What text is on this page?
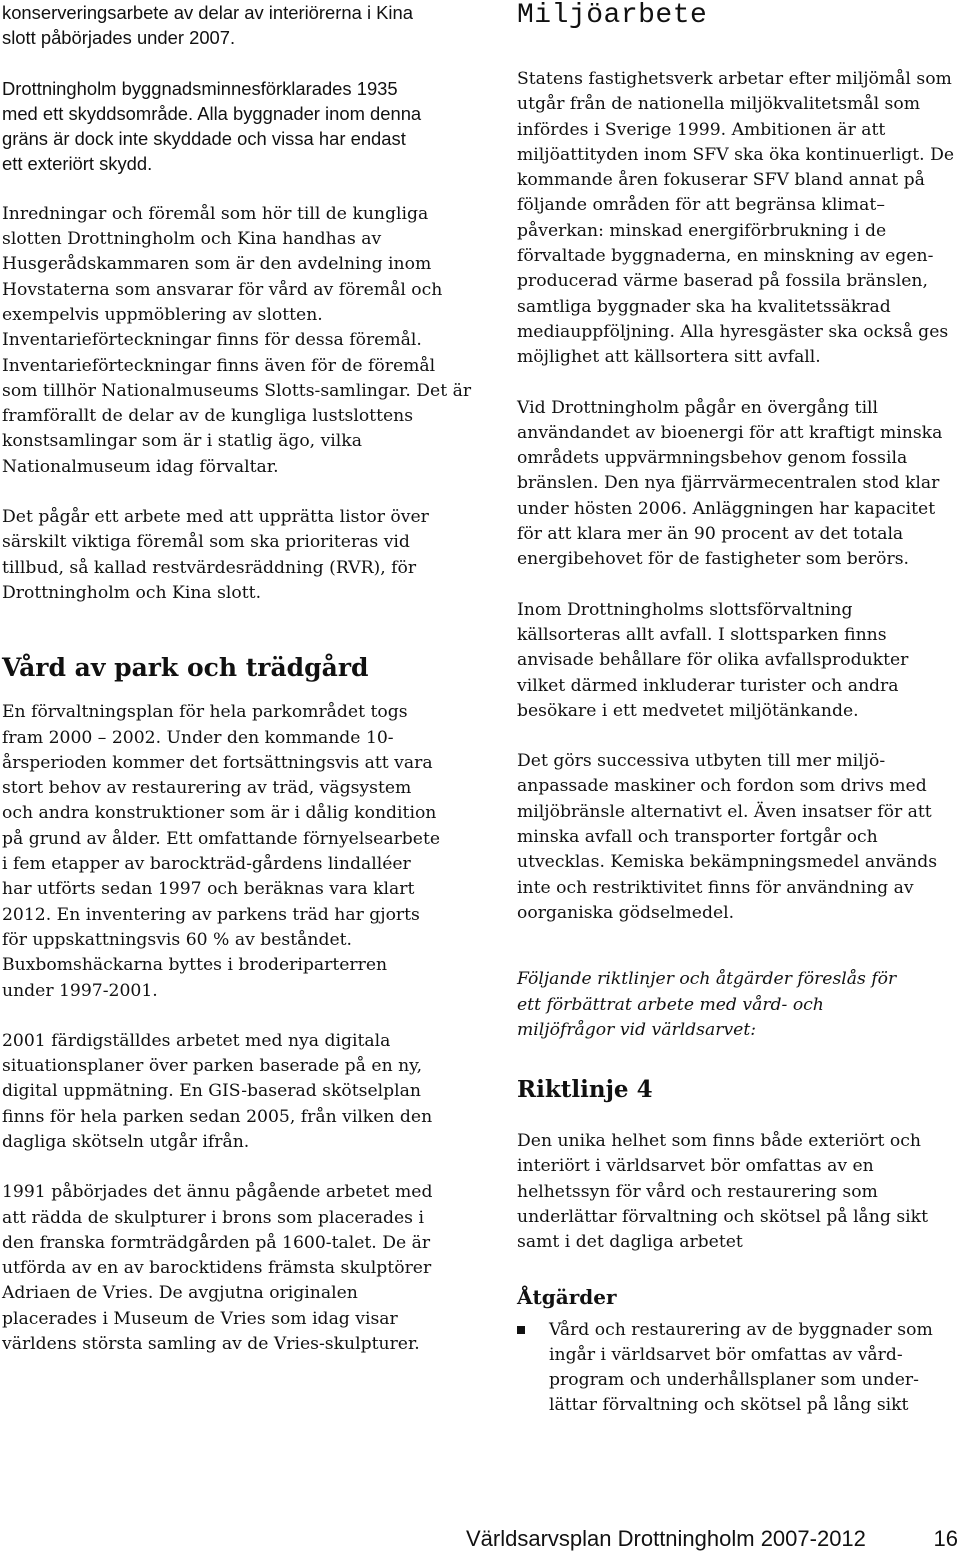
konserveringsarbete av delar av interiörerna i Kina slott påbörjades under 2007.

Drottningholm byggnadsminnesförklarades 1935 med ett skyddsområde. Alla byggnader inom denna gräns är dock inte skyddade och vissa har endast ett exteriört skydd.

Inredningar och föremål som hör till de kungliga slotten Drottningholm och Kina handhas av Husgerådskammaren som är den avdelning inom Hovstaterna som ansvarar för vård av föremål och exempelvis uppmöblering av slotten. Inventarieförteckningar finns för dessa föremål. Inventarieförteckningar finns även för de föremål som tillhör Nationalmuseums Slotts-samlingar. Det är framförallt de delar av de kungliga lustslottens konstsamlingar som är i statlig ägo, vilka Nationalmuseum idag förvaltar.

Det pågår ett arbete med att upprätta listor över särskilt viktiga föremål som ska prioriteras vid tillbud, så kallad restvärdesräddning (RVR), för Drottningholm och Kina slott.

Vård av park och trädgård

En förvaltningsplan för hela parkområdet togs fram 2000 – 2002. Under den kommande 10-årsperioden kommer det fortsättningsvis att vara stort behov av restaurering av träd, vägsystem och andra konstruktioner som är i dålig kondition på grund av ålder. Ett omfattande förnyelsearbete i fem etapper av barockträd-gårdens lindalléer har utförts sedan 1997 och beräknas vara klart 2012. En inventering av parkens träd har gjorts för uppskattningsvis 60 % av beståndet. Buxbomshäckarna byttes i broderiparterren under 1997-2001.

2001 färdigställdes arbetet med nya digitala situationsplaner över parken baserade på en ny, digital uppmätning. En GIS-baserad skötselplan finns för hela parken sedan 2005, från vilken den dagliga skötseln utgår ifrån.

1991 påbörjades det ännu pågående arbetet med att rädda de skulpturer i brons som placerades i den franska formträdgården på 1600-talet. De är utförda av en av barocktidens främsta skulptörer Adriaen de Vries. De avgjutna originalen placerades i Museum de Vries som idag visar världens största samling av de Vries-skulpturer.

Miljöarbete

Statens fastighetsverk arbetar efter miljömål som utgår från de nationella miljökvalitetsmål som infördes i Sverige 1999. Ambitionen är att miljöattityden inom SFV ska öka kontinuerligt. De kommande åren fokuserar SFV bland annat på följande områden för att begränsa klimat–påverkan: minskad energiförbrukning i de förvaltade byggnaderna, en minskning av egen-producerad värme baserad på fossila bränslen, samtliga byggnader ska ha kvalitetssäkrad mediauppföljning. Alla hyresgäster ska också ges möjlighet att källsortera sitt avfall.

Vid Drottningholm pågår en övergång till användandet av bioenergi för att kraftigt minska områdets uppvärmningsbehov genom fossila bränslen. Den nya fjärrvärmecentralen stod klar under hösten 2006. Anläggningen har kapacitet för att klara mer än 90 procent av det totala energibehovet för de fastigheter som berörs.

Inom Drottningholms slottsförvaltning källsorteras allt avfall. I slottsparken finns anvisade behållare för olika avfallsprodukter vilket därmed inkluderar turister och andra besökare i ett medvetet miljötänkande.

Det görs successiva utbyten till mer miljö-anpassade maskiner och fordon som drivs med miljöbränsle alternativt el. Även insatser för att minska avfall och transporter fortgår och utvecklas. Kemiska bekämpningsmedel används inte och restriktivitet finns för användning av oorganiska gödselmedel.

Följande riktlinjer och åtgärder föreslås för ett förbättrat arbete med vård- och miljöfrågor vid världsarvet:

Riktlinje 4

Den unika helhet som finns både exteriört och interiört i världsarvet bör omfattas av en helhetssyn för vård och restaurering som underlättar förvaltning och skötsel på lång sikt samt i det dagliga arbetet

Åtgärder
Vård och restaurering av de byggnader som ingår i världsarvet bör omfattas av vård-program och underhållsplaner som under-lättar förvaltning och skötsel på lång sikt
Världsarvsplan Drottningholm 2007-2012	16
